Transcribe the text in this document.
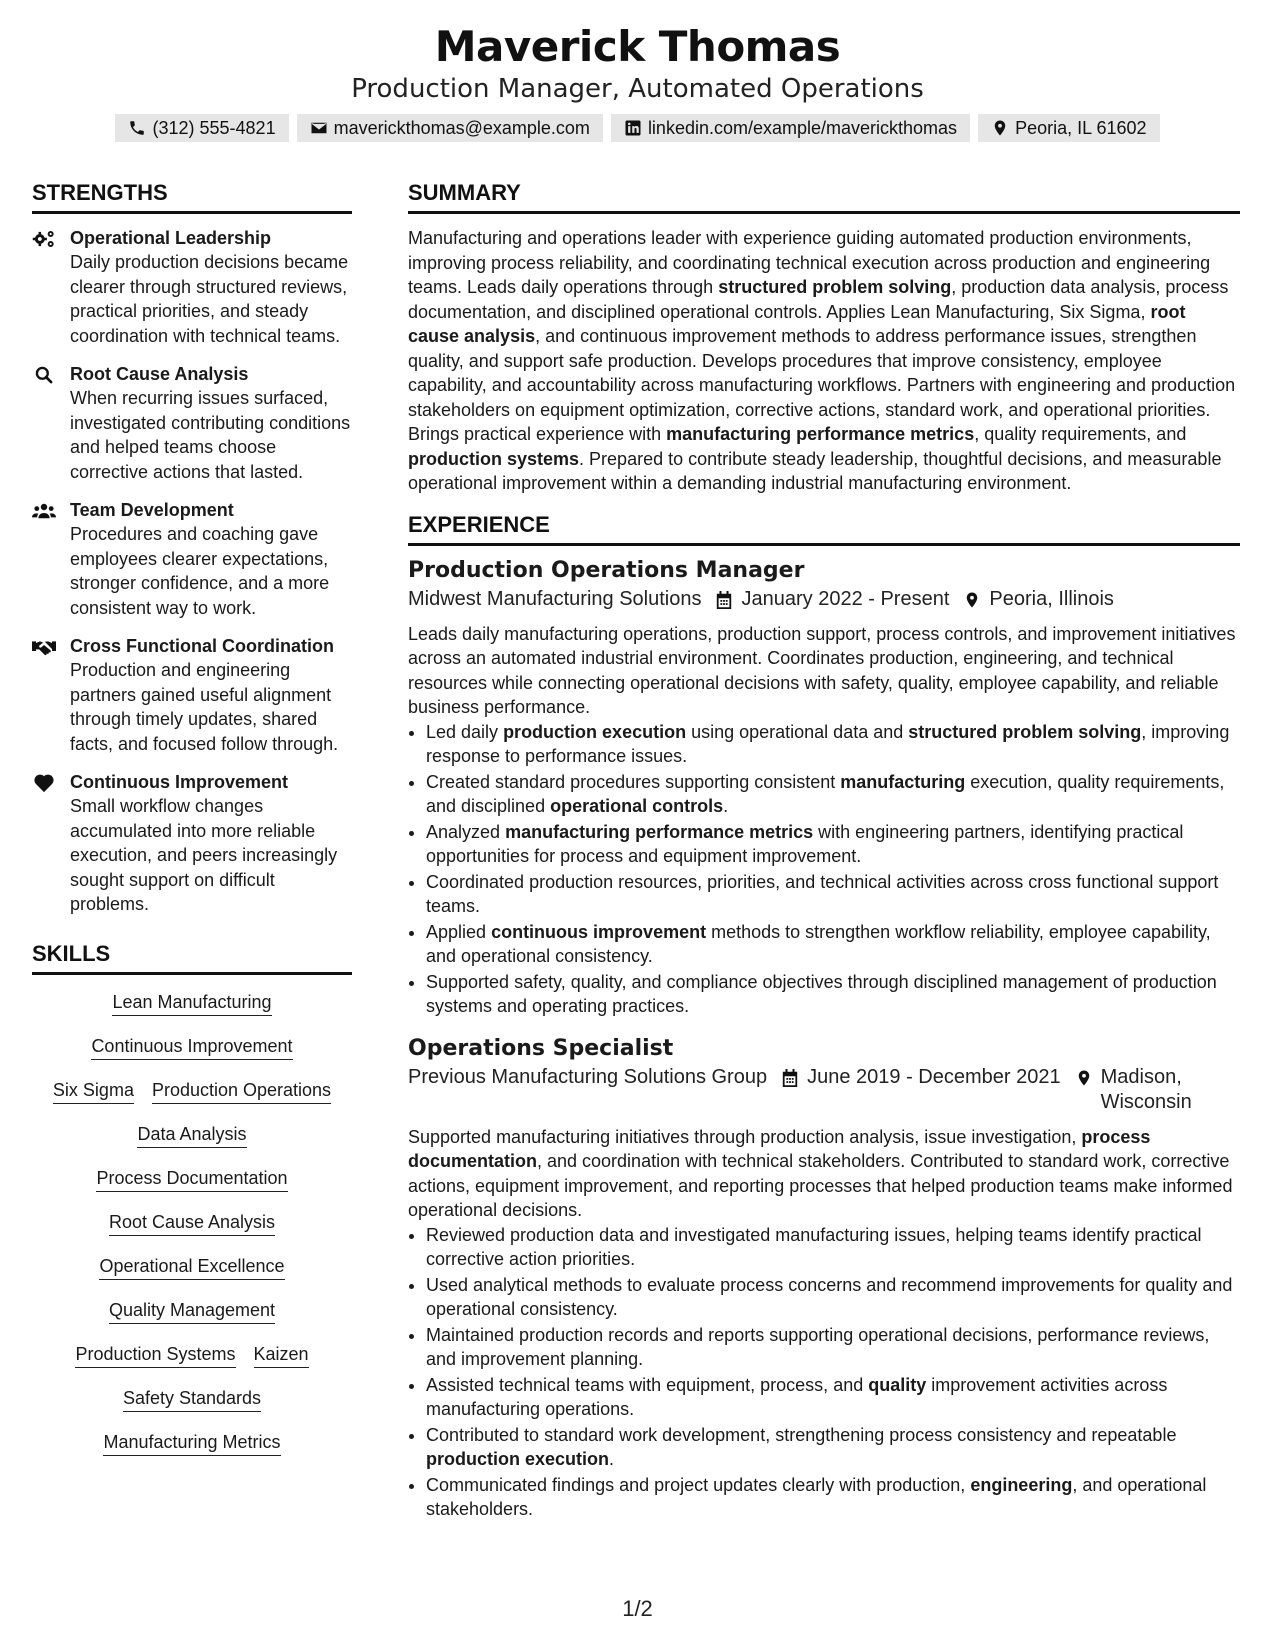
Maverick Thomas
Production Manager, Automated Operations
(312) 555-4821	maverickthomas@example.com	linkedin.com/example/maverickthomas	Peoria, IL 61602
STRENGTHS
Operational Leadership
Daily production decisions became clearer through structured reviews, practical priorities, and steady coordination with technical teams.
Root Cause Analysis
When recurring issues surfaced, investigated contributing conditions and helped teams choose corrective actions that lasted.
Team Development
Procedures and coaching gave employees clearer expectations, stronger confidence, and a more consistent way to work.
Cross Functional Coordination
Production and engineering partners gained useful alignment through timely updates, shared facts, and focused follow through.
Continuous Improvement
Small workflow changes accumulated into more reliable execution, and peers increasingly sought support on difficult problems.
SKILLS
Lean Manufacturing
Continuous Improvement
Six Sigma Production Operations
Data Analysis
Process Documentation
Root Cause Analysis
Operational Excellence
Quality Management
Production Systems Kaizen
Safety Standards
Manufacturing Metrics
SUMMARY

Manufacturing and operations leader with experience guiding automated production environments, improving process reliability, and coordinating technical execution across production and engineering teams. Leads daily operations through structured problem solving, production data analysis, process documentation, and disciplined operational controls. Applies Lean Manufacturing, Six Sigma, root cause analysis, and continuous improvement methods to address performance issues, strengthen quality, and support safe production. Develops procedures that improve consistency, employee capability, and accountability across manufacturing workflows. Partners with engineering and production stakeholders on equipment optimization, corrective actions, standard work, and operational priorities. Brings practical experience with manufacturing performance metrics, quality requirements, and production systems. Prepared to contribute steady leadership, thoughtful decisions, and measurable operational improvement within a demanding industrial manufacturing environment.

EXPERIENCE
Production Operations Manager
Midwest Manufacturing Solutions January 2022 - Present Peoria, Illinois

Leads daily manufacturing operations, production support, process controls, and improvement initiatives across an automated industrial environment. Coordinates production, engineering, and technical resources while connecting operational decisions with safety, quality, employee capability, and reliable business performance.

• Led daily production execution using operational data and structured problem solving, improving response to performance issues.
• Created standard procedures supporting consistent manufacturing execution, quality requirements, and disciplined operational controls.
• Analyzed manufacturing performance metrics with engineering partners, identifying practical opportunities for process and equipment improvement.
• Coordinated production resources, priorities, and technical activities across cross functional support teams.
• Applied continuous improvement methods to strengthen workflow reliability, employee capability, and operational consistency.
• Supported safety, quality, and compliance objectives through disciplined management of production systems and operating practices.
Operations Specialist
Previous Manufacturing Solutions Group June 2019 - December 2021 Madison, Wisconsin

Supported manufacturing initiatives through production analysis, issue investigation, process documentation, and coordination with technical stakeholders. Contributed to standard work, corrective actions, equipment improvement, and reporting processes that helped production teams make informed operational decisions.

• Reviewed production data and investigated manufacturing issues, helping teams identify practical corrective action priorities.
• Used analytical methods to evaluate process concerns and recommend improvements for quality and operational consistency.
• Maintained production records and reports supporting operational decisions, performance reviews, and improvement planning.
• Assisted technical teams with equipment, process, and quality improvement activities across manufacturing operations.
• Contributed to standard work development, strengthening process consistency and repeatable production execution.
• Communicated findings and project updates clearly with production, engineering, and operational stakeholders.
1/2
